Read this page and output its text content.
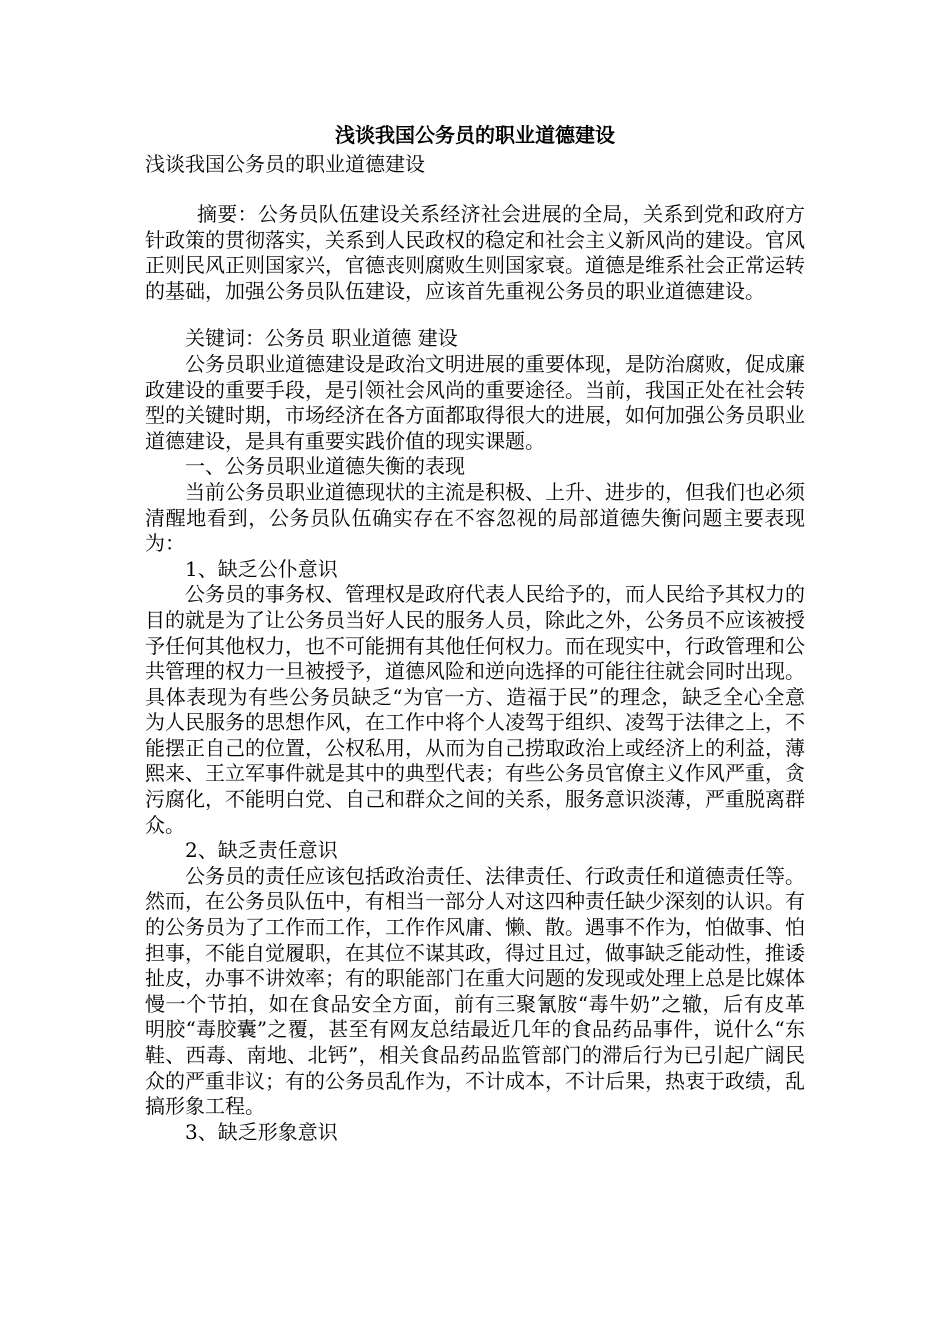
浅谈我国公务员的职业道德建设
浅谈我国公务员的职业道德建设

摘要：公务员队伍建设关系经济社会进展的全局，关系到党和政府方针政策的贯彻落实，关系到人民政权的稳定和社会主义新风尚的建设。官风正则民风正则国家兴，官德丧则腐败生则国家衰。道德是维系社会正常运转的基础，加强公务员队伍建设，应该首先重视公务员的职业道德建设。

关键词：公务员 职业道德 建设

公务员职业道德建设是政治文明进展的重要体现，是防治腐败，促成廉政建设的重要手段，是引领社会风尚的重要途径。当前，我国正处在社会转型的关键时期，市场经济在各方面都取得很大的进展，如何加强公务员职业道德建设，是具有重要实践价值的现实课题。

一、公务员职业道德失衡的表现

当前公务员职业道德现状的主流是积极、上升、进步的，但我们也必须清醒地看到，公务员队伍确实存在不容忽视的局部道德失衡问题主要表现为：

1、缺乏公仆意识

公务员的事务权、管理权是政府代表人民给予的，而人民给予其权力的目的就是为了让公务员当好人民的服务人员，除此之外，公务员不应该被授予任何其他权力，也不可能拥有其他任何权力。而在现实中，行政管理和公共管理的权力一旦被授予，道德风险和逆向选择的可能往往就会同时出现。具体表现为有些公务员缺乏“为官一方、造福于民”的理念，缺乏全心全意为人民服务的思想作风，在工作中将个人凌驾于组织、凌驾于法律之上，不能摆正自己的位置，公权私用，从而为自己捞取政治上或经济上的利益，薄熙来、王立军事件就是其中的典型代表；有些公务员官僚主义作风严重，贪污腐化，不能明白党、自己和群众之间的关系，服务意识淡薄，严重脱离群众。

2、缺乏责任意识

公务员的责任应该包括政治责任、法律责任、行政责任和道德责任等。然而，在公务员队伍中，有相当一部分人对这四种责任缺少深刻的认识。有的公务员为了工作而工作，工作作风庸、懒、散。遇事不作为，怕做事、怕担事，不能自觉履职，在其位不谋其政，得过且过，做事缺乏能动性，推诿扯皮，办事不讲效率；有的职能部门在重大问题的发现或处理上总是比媒体慢一个节拍，如在食品安全方面，前有三聚氰胺“毒牛奶”之辙，后有皮革明胶“毒胶囊”之覆，甚至有网友总结最近几年的食品药品事件，说什么“东鞋、西毒、南地、北钙”，相关食品药品监管部门的滞后行为已引起广阔民众的严重非议；有的公务员乱作为，不计成本，不计后果，热衷于政绩，乱搞形象工程。

3、缺乏形象意识
